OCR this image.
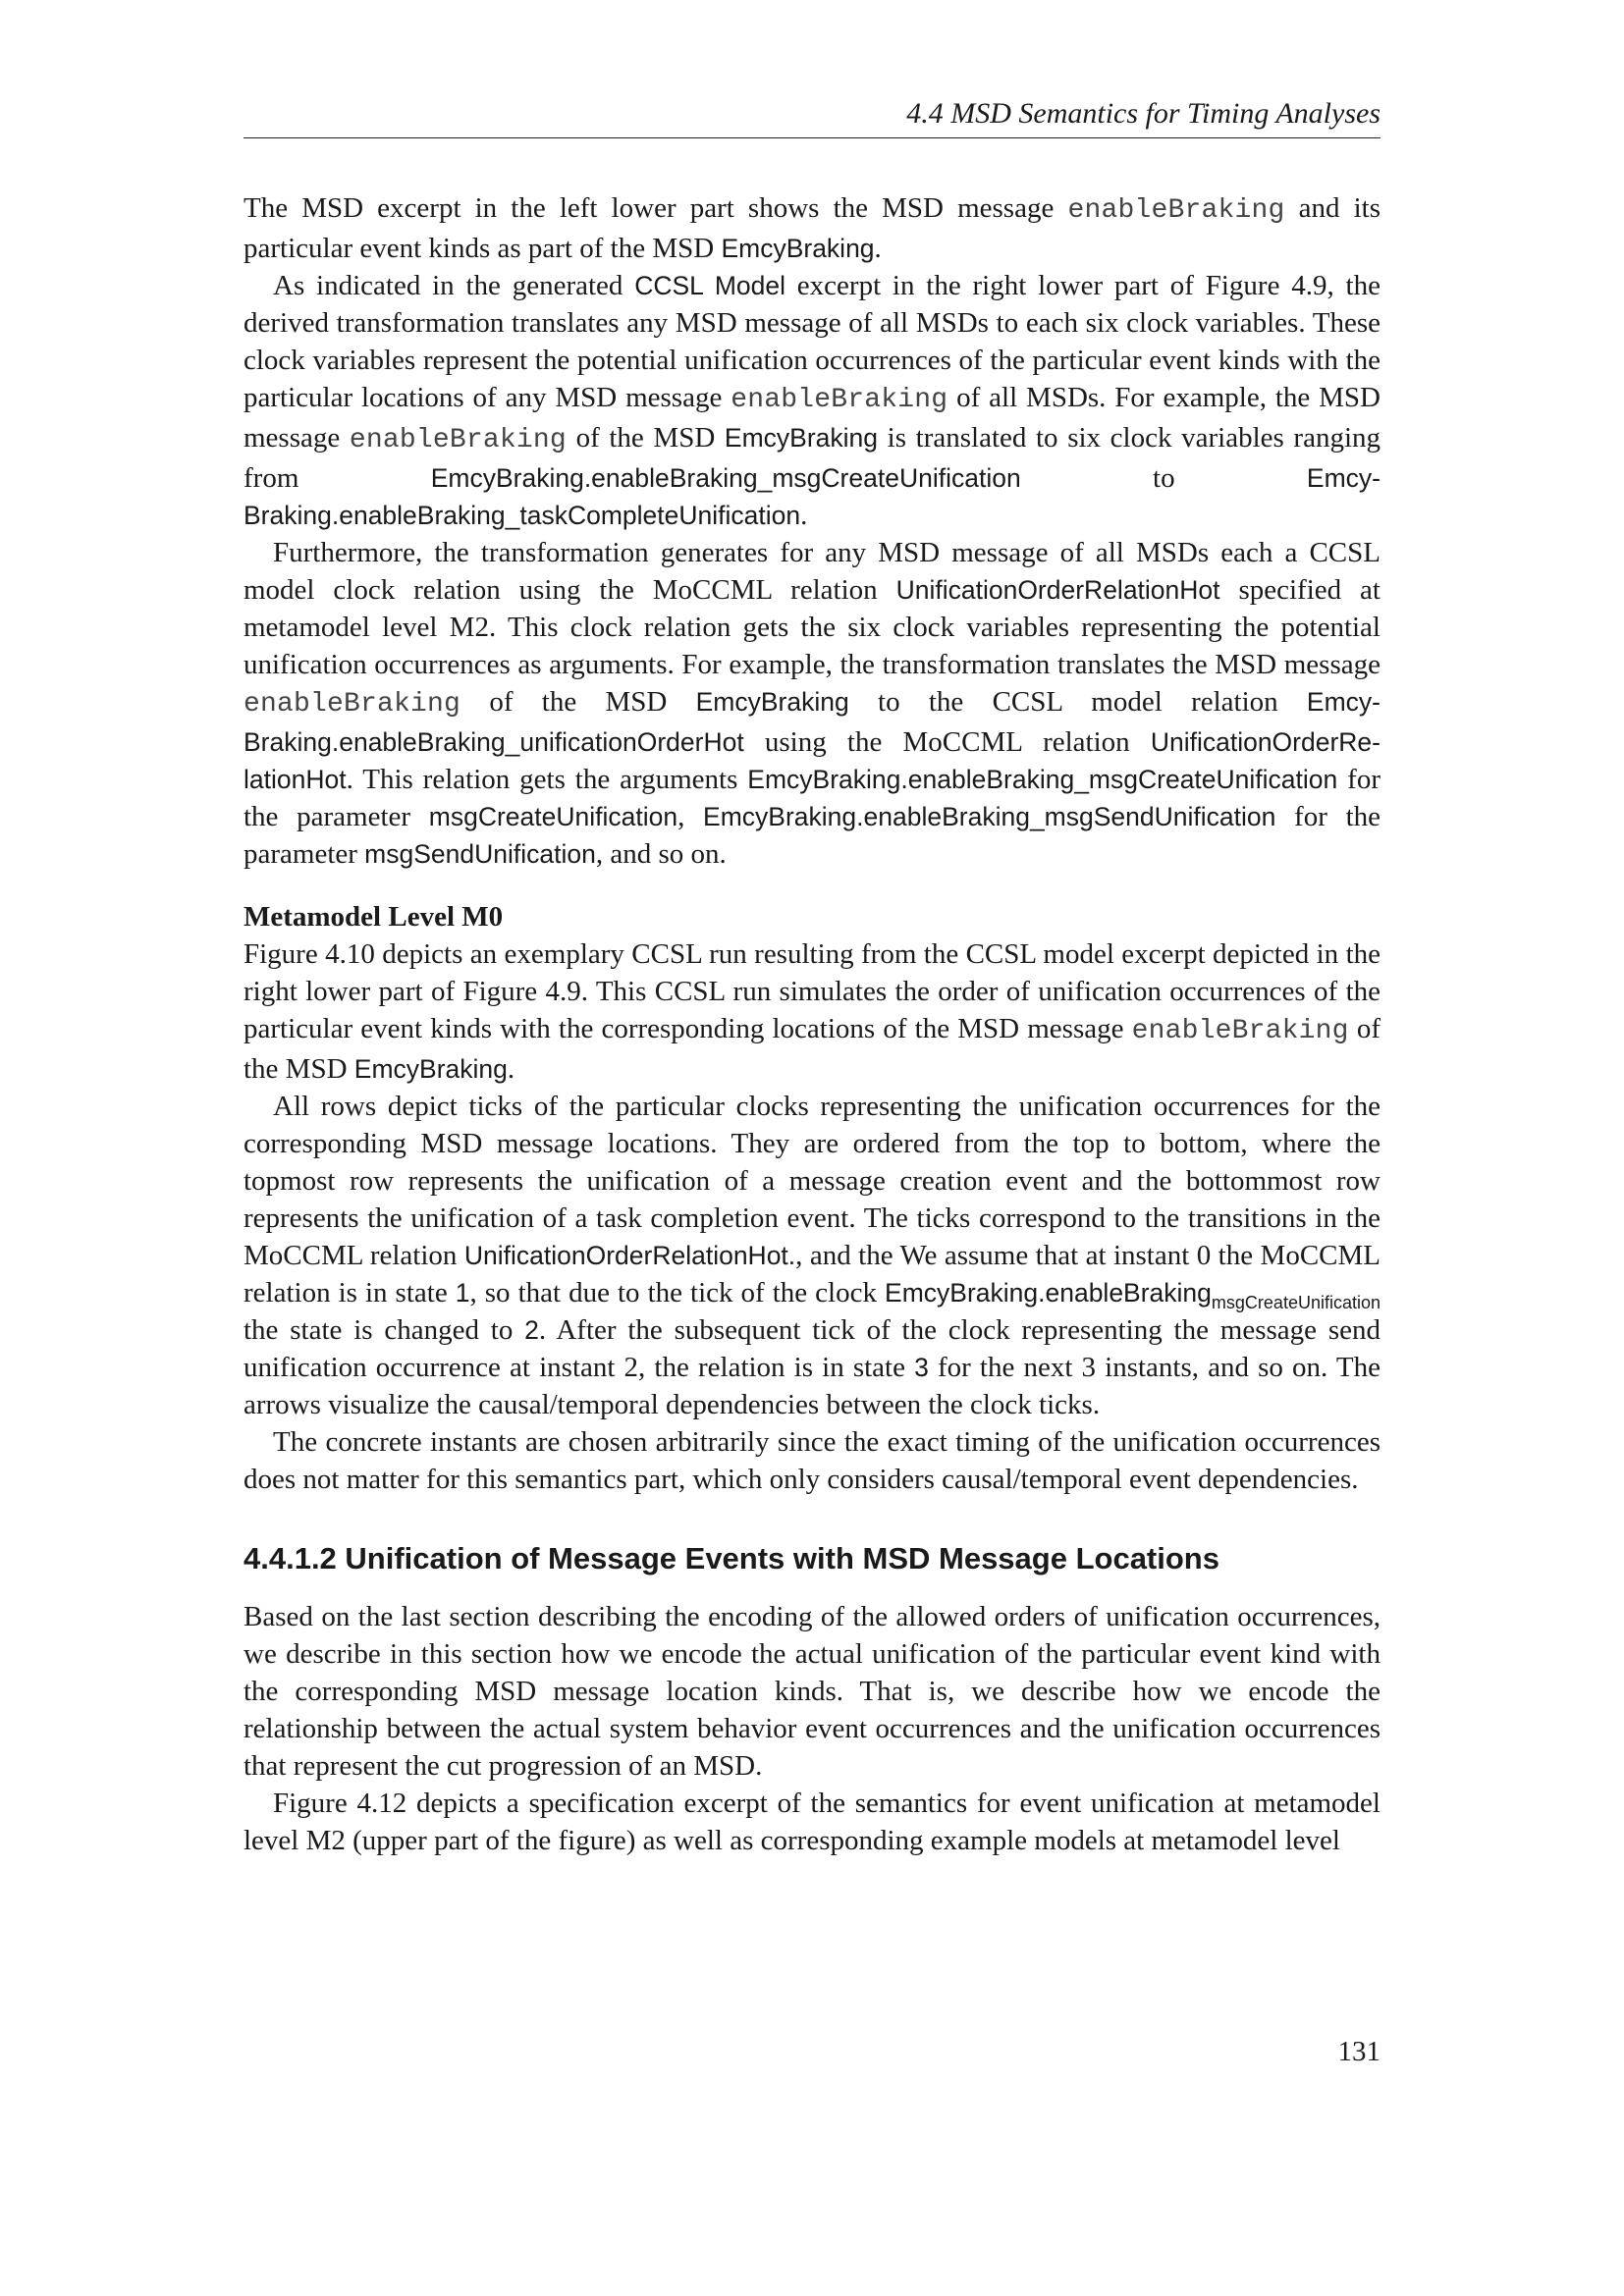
4.4 MSD Semantics for Timing Analyses

The MSD excerpt in the left lower part shows the MSD message enableBraking and its particular event kinds as part of the MSD EmcyBraking.

As indicated in the generated CCSL Model excerpt in the right lower part of Figure 4.9, the derived transformation translates any MSD message of all MSDs to each six clock variables. These clock variables represent the potential unification occurrences of the particular event kinds with the particular locations of any MSD message enableBraking of all MSDs. For example, the MSD message enableBraking of the MSD EmcyBraking is translated to six clock variables ranging from EmcyBraking.enableBraking_msgCreateUnification to EmcyBraking.enableBraking_taskCompleteUnification.

Furthermore, the transformation generates for any MSD message of all MSDs each a CCSL model clock relation using the MoCCML relation UnificationOrderRelationHot specified at metamodel level M2. This clock relation gets the six clock variables representing the potential unification occurrences as arguments. For example, the transformation translates the MSD message enableBraking of the MSD EmcyBraking to the CCSL model relation EmcyBraking.enableBraking_unificationOrderHot using the MoCCML relation UnificationOrderRelationHot. This relation gets the arguments EmcyBraking.enableBraking_msgCreateUnification for the parameter msgCreateUnification, EmcyBraking.enableBraking_msgSendUnification for the parameter msgSendUnification, and so on.

Metamodel Level M0

Figure 4.10 depicts an exemplary CCSL run resulting from the CCSL model excerpt depicted in the right lower part of Figure 4.9. This CCSL run simulates the order of unification occurrences of the particular event kinds with the corresponding locations of the MSD message enableBraking of the MSD EmcyBraking.

All rows depict ticks of the particular clocks representing the unification occurrences for the corresponding MSD message locations. They are ordered from the top to bottom, where the topmost row represents the unification of a message creation event and the bottommost row represents the unification of a task completion event. The ticks correspond to the transitions in the MoCCML relation UnificationOrderRelationHot., and the We assume that at instant 0 the MoCCML relation is in state 1, so that due to the tick of the clock EmcyBraking.enableBraking$_{msgCreateUnification}$ the state is changed to 2. After the subsequent tick of the clock representing the message send unification occurrence at instant 2, the relation is in state 3 for the next 3 instants, and so on. The arrows visualize the causal/temporal dependencies between the clock ticks.

The concrete instants are chosen arbitrarily since the exact timing of the unification occurrences does not matter for this semantics part, which only considers causal/temporal event dependencies.

4.4.1.2 Unification of Message Events with MSD Message Locations

Based on the last section describing the encoding of the allowed orders of unification occurrences, we describe in this section how we encode the actual unification of the particular event kind with the corresponding MSD message location kinds. That is, we describe how we encode the relationship between the actual system behavior event occurrences and the unification occurrences that represent the cut progression of an MSD.

Figure 4.12 depicts a specification excerpt of the semantics for event unification at metamodel level M2 (upper part of the figure) as well as corresponding example models at metamodel level

131
